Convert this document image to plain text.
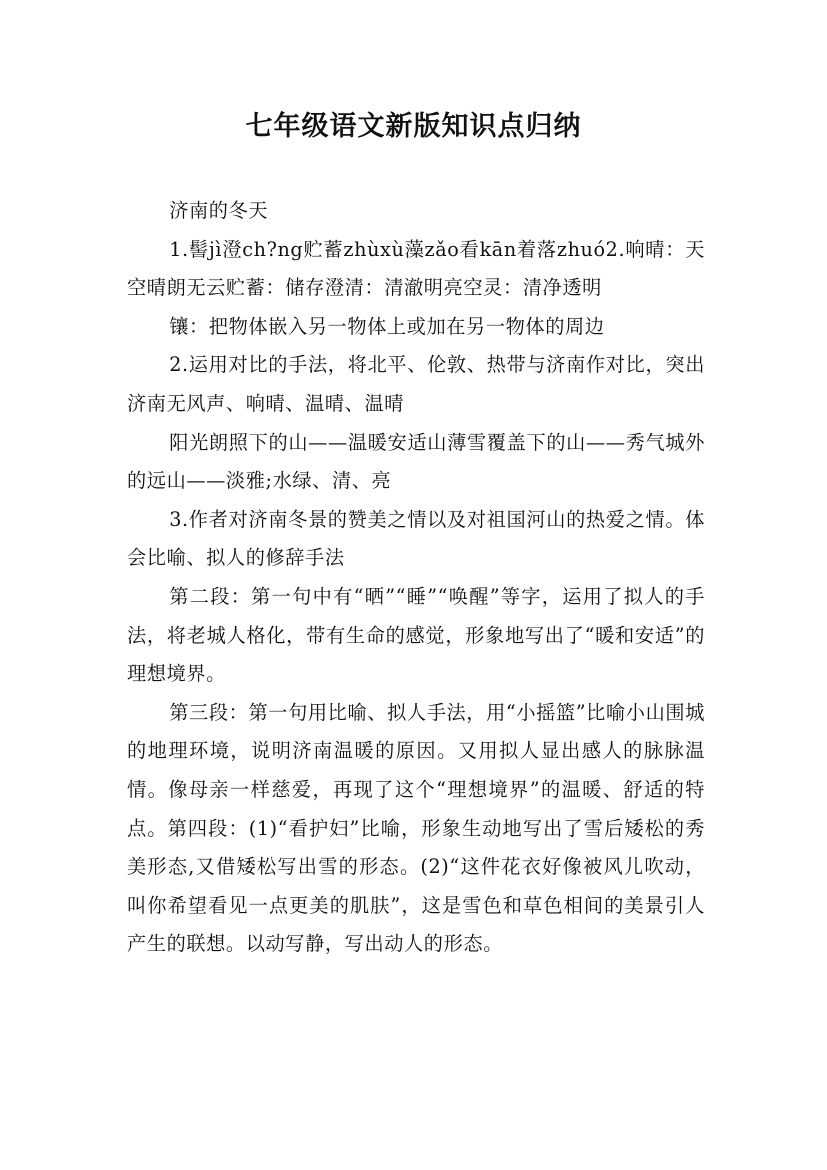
七年级语文新版知识点归纳

济南的冬天

1.髻jì澄ch?ng贮蓄zhùxù藻zǎo看kān着落zhuó2.响晴：天空晴朗无云贮蓄：储存澄清：清澈明亮空灵：清净透明

镶：把物体嵌入另一物体上或加在另一物体的周边

2.运用对比的手法，将北平、伦敦、热带与济南作对比，突出济南无风声、响晴、温晴、温晴

阳光朗照下的山——温暖安适山薄雪覆盖下的山——秀气城外的远山——淡雅;水绿、清、亮

3.作者对济南冬景的赞美之情以及对祖国河山的热爱之情。体会比喻、拟人的修辞手法

第二段：第一句中有“晒”“睡”“唤醒”等字，运用了拟人的手法，将老城人格化，带有生命的感觉，形象地写出了“暖和安适”的理想境界。

第三段：第一句用比喻、拟人手法，用“小摇篮”比喻小山围城的地理环境，说明济南温暖的原因。又用拟人显出感人的脉脉温情。像母亲一样慈爱，再现了这个“理想境界”的温暖、舒适的特点。第四段：(1)“看护妇”比喻，形象生动地写出了雪后矮松的秀美形态,又借矮松写出雪的形态。(2)“这件花衣好像被风儿吹动，叫你希望看见一点更美的肌肤”，这是雪色和草色相间的美景引人产生的联想。以动写静，写出动人的形态。
